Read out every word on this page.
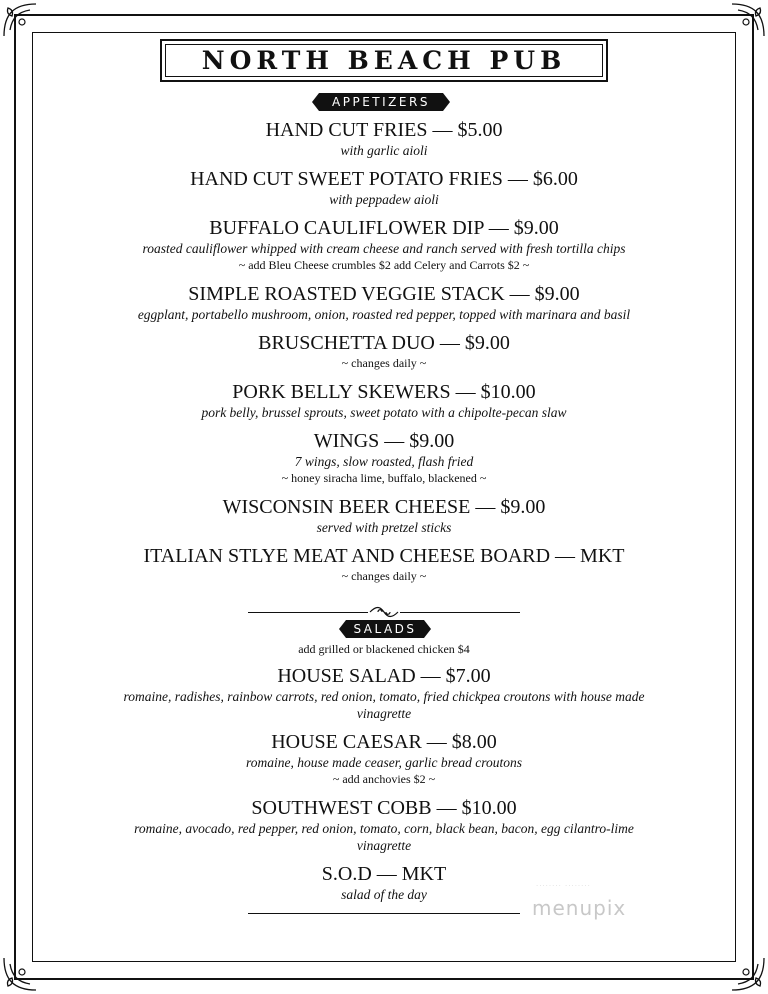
NORTH BEACH PUB
APPETIZERS
SALADS
HAND CUT FRIES — $5.00
with garlic aioli
HAND CUT SWEET POTATO FRIES — $6.00
with peppadew aioli
BUFFALO CAULIFLOWER DIP — $9.00
roasted cauliflower whipped with cream cheese and ranch served with fresh tortilla chips
~ add Bleu Cheese crumbles $2 add Celery and Carrots $2 ~
SIMPLE ROASTED VEGGIE STACK — $9.00
eggplant, portabello mushroom, onion, roasted red pepper, topped with marinara and basil
BRUSCHETTA DUO — $9.00
~ changes daily ~
PORK BELLY SKEWERS — $10.00
pork belly, brussel sprouts, sweet potato with a chipolte-pecan slaw
WINGS — $9.00
7 wings, slow roasted, flash fried
~ honey siracha lime, buffalo, blackened ~
WISCONSIN BEER CHEESE — $9.00
served with pretzel sticks
ITALIAN STLYE MEAT AND CHEESE BOARD — MKT
~ changes daily ~
add grilled or blackened chicken $4
HOUSE SALAD — $7.00
romaine, radishes, rainbow carrots, red onion, tomato, fried chickpea croutons with house made vinagrette
HOUSE CAESAR — $8.00
romaine, house made ceaser, garlic bread croutons
~ add anchovies $2 ~
SOUTHWEST COBB — $10.00
romaine, avocado, red pepper, red onion, tomato, corn, black bean, bacon, egg cilantro-lime vinagrette
S.O.D — MKT
salad of the day
········ ········
menupix
